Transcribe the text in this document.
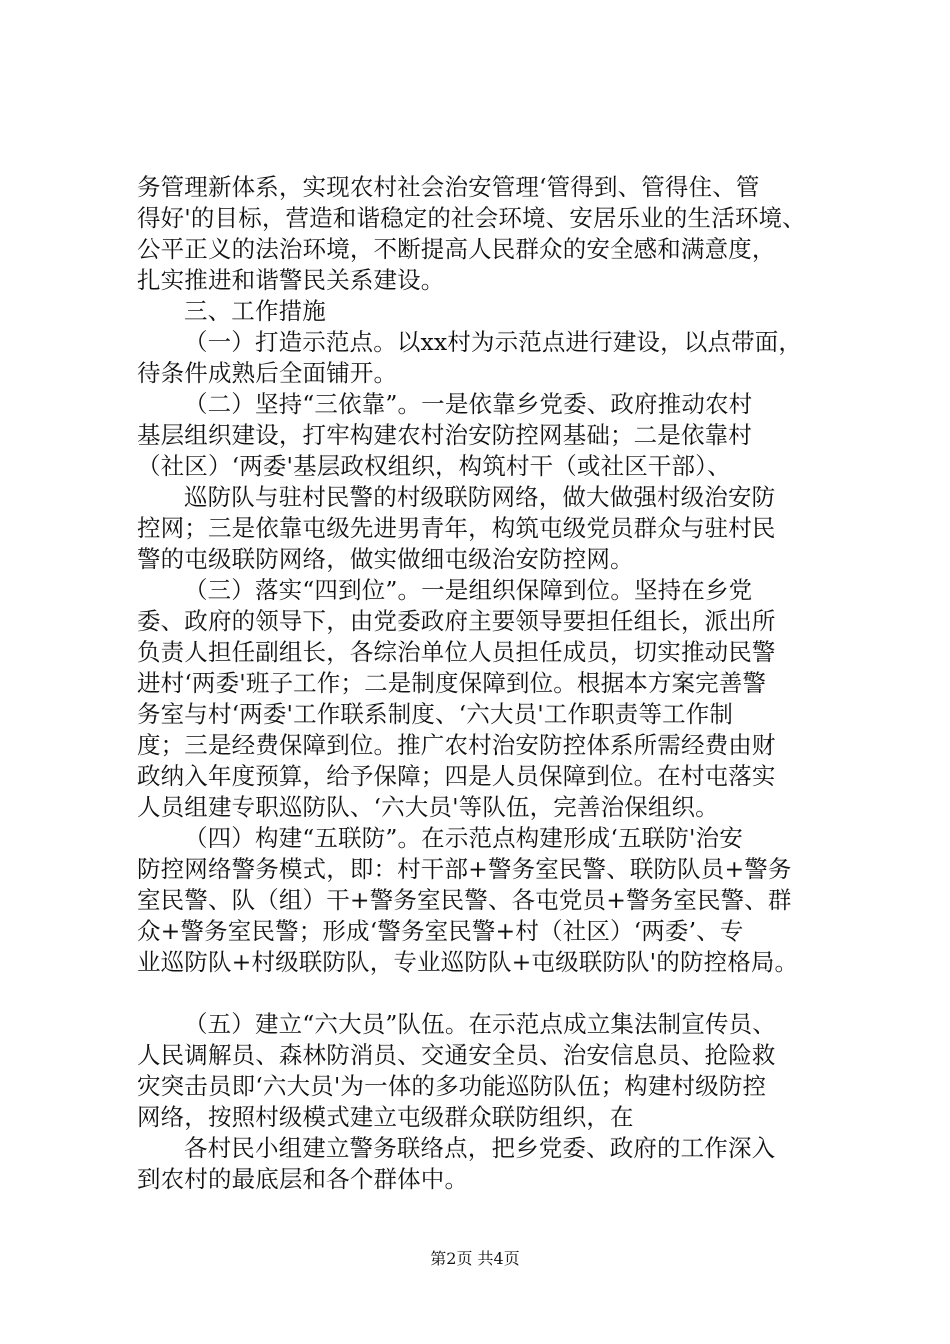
务管理新体系，实现农村社会治安管理‘管得到、管得住、管
得好'的目标，营造和谐稳定的社会环境、安居乐业的生活环境、
公平正义的法治环境，不断提高人民群众的安全感和满意度，
扎实推进和谐警民关系建设。
三、工作措施
（一）打造示范点。以xx村为示范点进行建设，以点带面，
待条件成熟后全面铺开。
（二）坚持“三依靠”。一是依靠乡党委、政府推动农村
基层组织建设，打牢构建农村治安防控网基础；二是依靠村
（社区）‘两委'基层政权组织，构筑村干（或社区干部）、
巡防队与驻村民警的村级联防网络，做大做强村级治安防
控网；三是依靠屯级先进男青年，构筑屯级党员群众与驻村民
警的屯级联防网络，做实做细屯级治安防控网。
（三）落实“四到位”。一是组织保障到位。坚持在乡党
委、政府的领导下，由党委政府主要领导要担任组长，派出所
负责人担任副组长，各综治单位人员担任成员，切实推动民警
进村‘两委'班子工作；二是制度保障到位。根据本方案完善警
务室与村‘两委'工作联系制度、‘六大员'工作职责等工作制
度；三是经费保障到位。推广农村治安防控体系所需经费由财
政纳入年度预算，给予保障；四是人员保障到位。在村屯落实
人员组建专职巡防队、‘六大员'等队伍，完善治保组织。
（四）构建“五联防”。在示范点构建形成‘五联防'治安
防控网络警务模式，即：村干部+警务室民警、联防队员+警务
室民警、队（组）干+警务室民警、各屯党员+警务室民警、群
众+警务室民警；形成‘警务室民警+村（社区）‘两委’、专
业巡防队+村级联防队，专业巡防队+屯级联防队'的防控格局。
（五）建立“六大员”队伍。在示范点成立集法制宣传员、
人民调解员、森林防消员、交通安全员、治安信息员、抢险救
灾突击员即‘六大员'为一体的多功能巡防队伍；构建村级防控
网络，按照村级模式建立屯级群众联防组织，在
各村民小组建立警务联络点，把乡党委、政府的工作深入
到农村的最底层和各个群体中。
第2页 共4页
